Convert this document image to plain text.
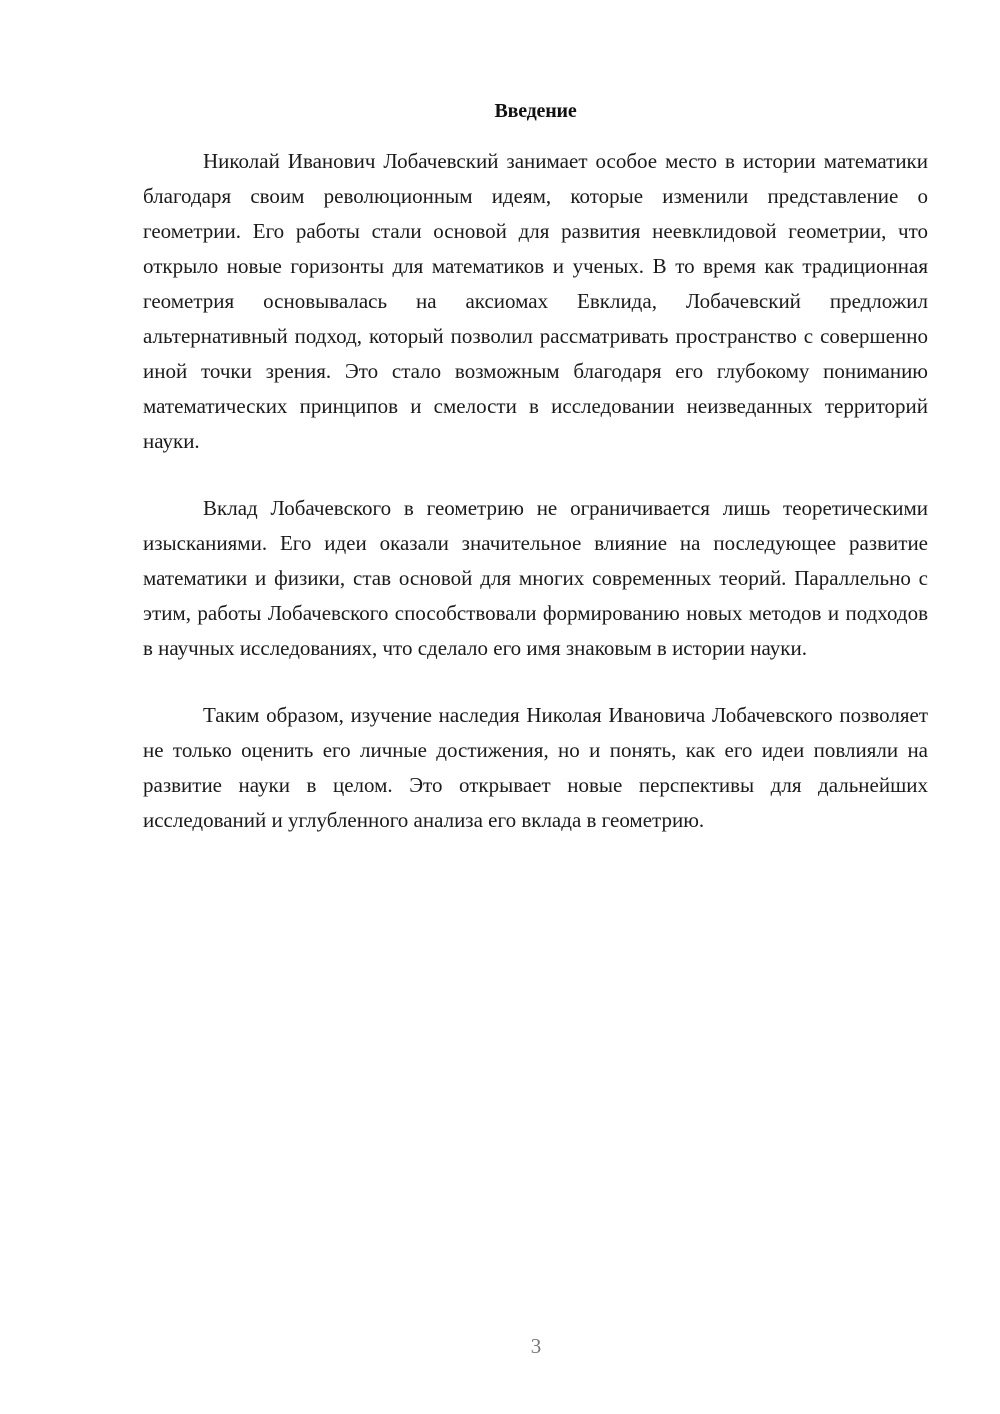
Введение

Николай Иванович Лобачевский занимает особое место в истории математики благодаря своим революционным идеям, которые изменили представление о геометрии. Его работы стали основой для развития неевклидовой геометрии, что открыло новые горизонты для математиков и ученых. В то время как традиционная геометрия основывалась на аксиомах Евклида, Лобачевский предложил альтернативный подход, который позволил рассматривать пространство с совершенно иной точки зрения. Это стало возможным благодаря его глубокому пониманию математических принципов и смелости в исследовании неизведанных территорий науки.

Вклад Лобачевского в геометрию не ограничивается лишь теоретическими изысканиями. Его идеи оказали значительное влияние на последующее развитие математики и физики, став основой для многих современных теорий. Параллельно с этим, работы Лобачевского способствовали формированию новых методов и подходов в научных исследованиях, что сделало его имя знаковым в истории науки.

Таким образом, изучение наследия Николая Ивановича Лобачевского позволяет не только оценить его личные достижения, но и понять, как его идеи повлияли на развитие науки в целом. Это открывает новые перспективы для дальнейших исследований и углубленного анализа его вклада в геометрию.

3
